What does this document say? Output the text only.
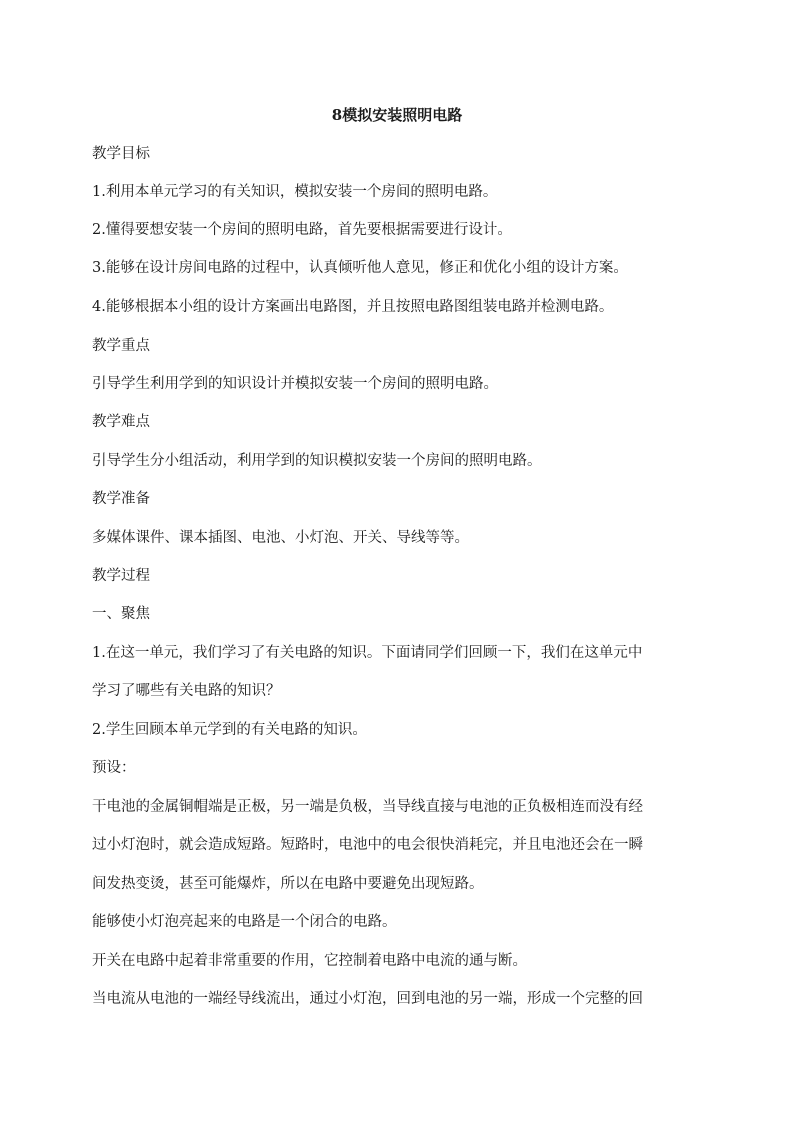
8模拟安装照明电路
教学目标
1.利用本单元学习的有关知识，模拟安装一个房间的照明电路。
2.懂得要想安装一个房间的照明电路，首先要根据需要进行设计。
3.能够在设计房间电路的过程中，认真倾听他人意见，修正和优化小组的设计方案。
4.能够根据本小组的设计方案画出电路图，并且按照电路图组装电路并检测电路。
教学重点
引导学生利用学到的知识设计并模拟安装一个房间的照明电路。
教学难点
引导学生分小组活动，利用学到的知识模拟安装一个房间的照明电路。
教学准备
多媒体课件、课本插图、电池、小灯泡、开关、导线等等。
教学过程
一、聚焦
1.在这一单元，我们学习了有关电路的知识。下面请同学们回顾一下，我们在这单元中
学习了哪些有关电路的知识？
2.学生回顾本单元学到的有关电路的知识。
预设：
干电池的金属铜帽端是正极，另一端是负极，当导线直接与电池的正负极相连而没有经
过小灯泡时，就会造成短路。短路时，电池中的电会很快消耗完，并且电池还会在一瞬
间发热变烫，甚至可能爆炸，所以在电路中要避免出现短路。
能够使小灯泡亮起来的电路是一个闭合的电路。
开关在电路中起着非常重要的作用，它控制着电路中电流的通与断。
当电流从电池的一端经导线流出，通过小灯泡，回到电池的另一端，形成一个完整的回
